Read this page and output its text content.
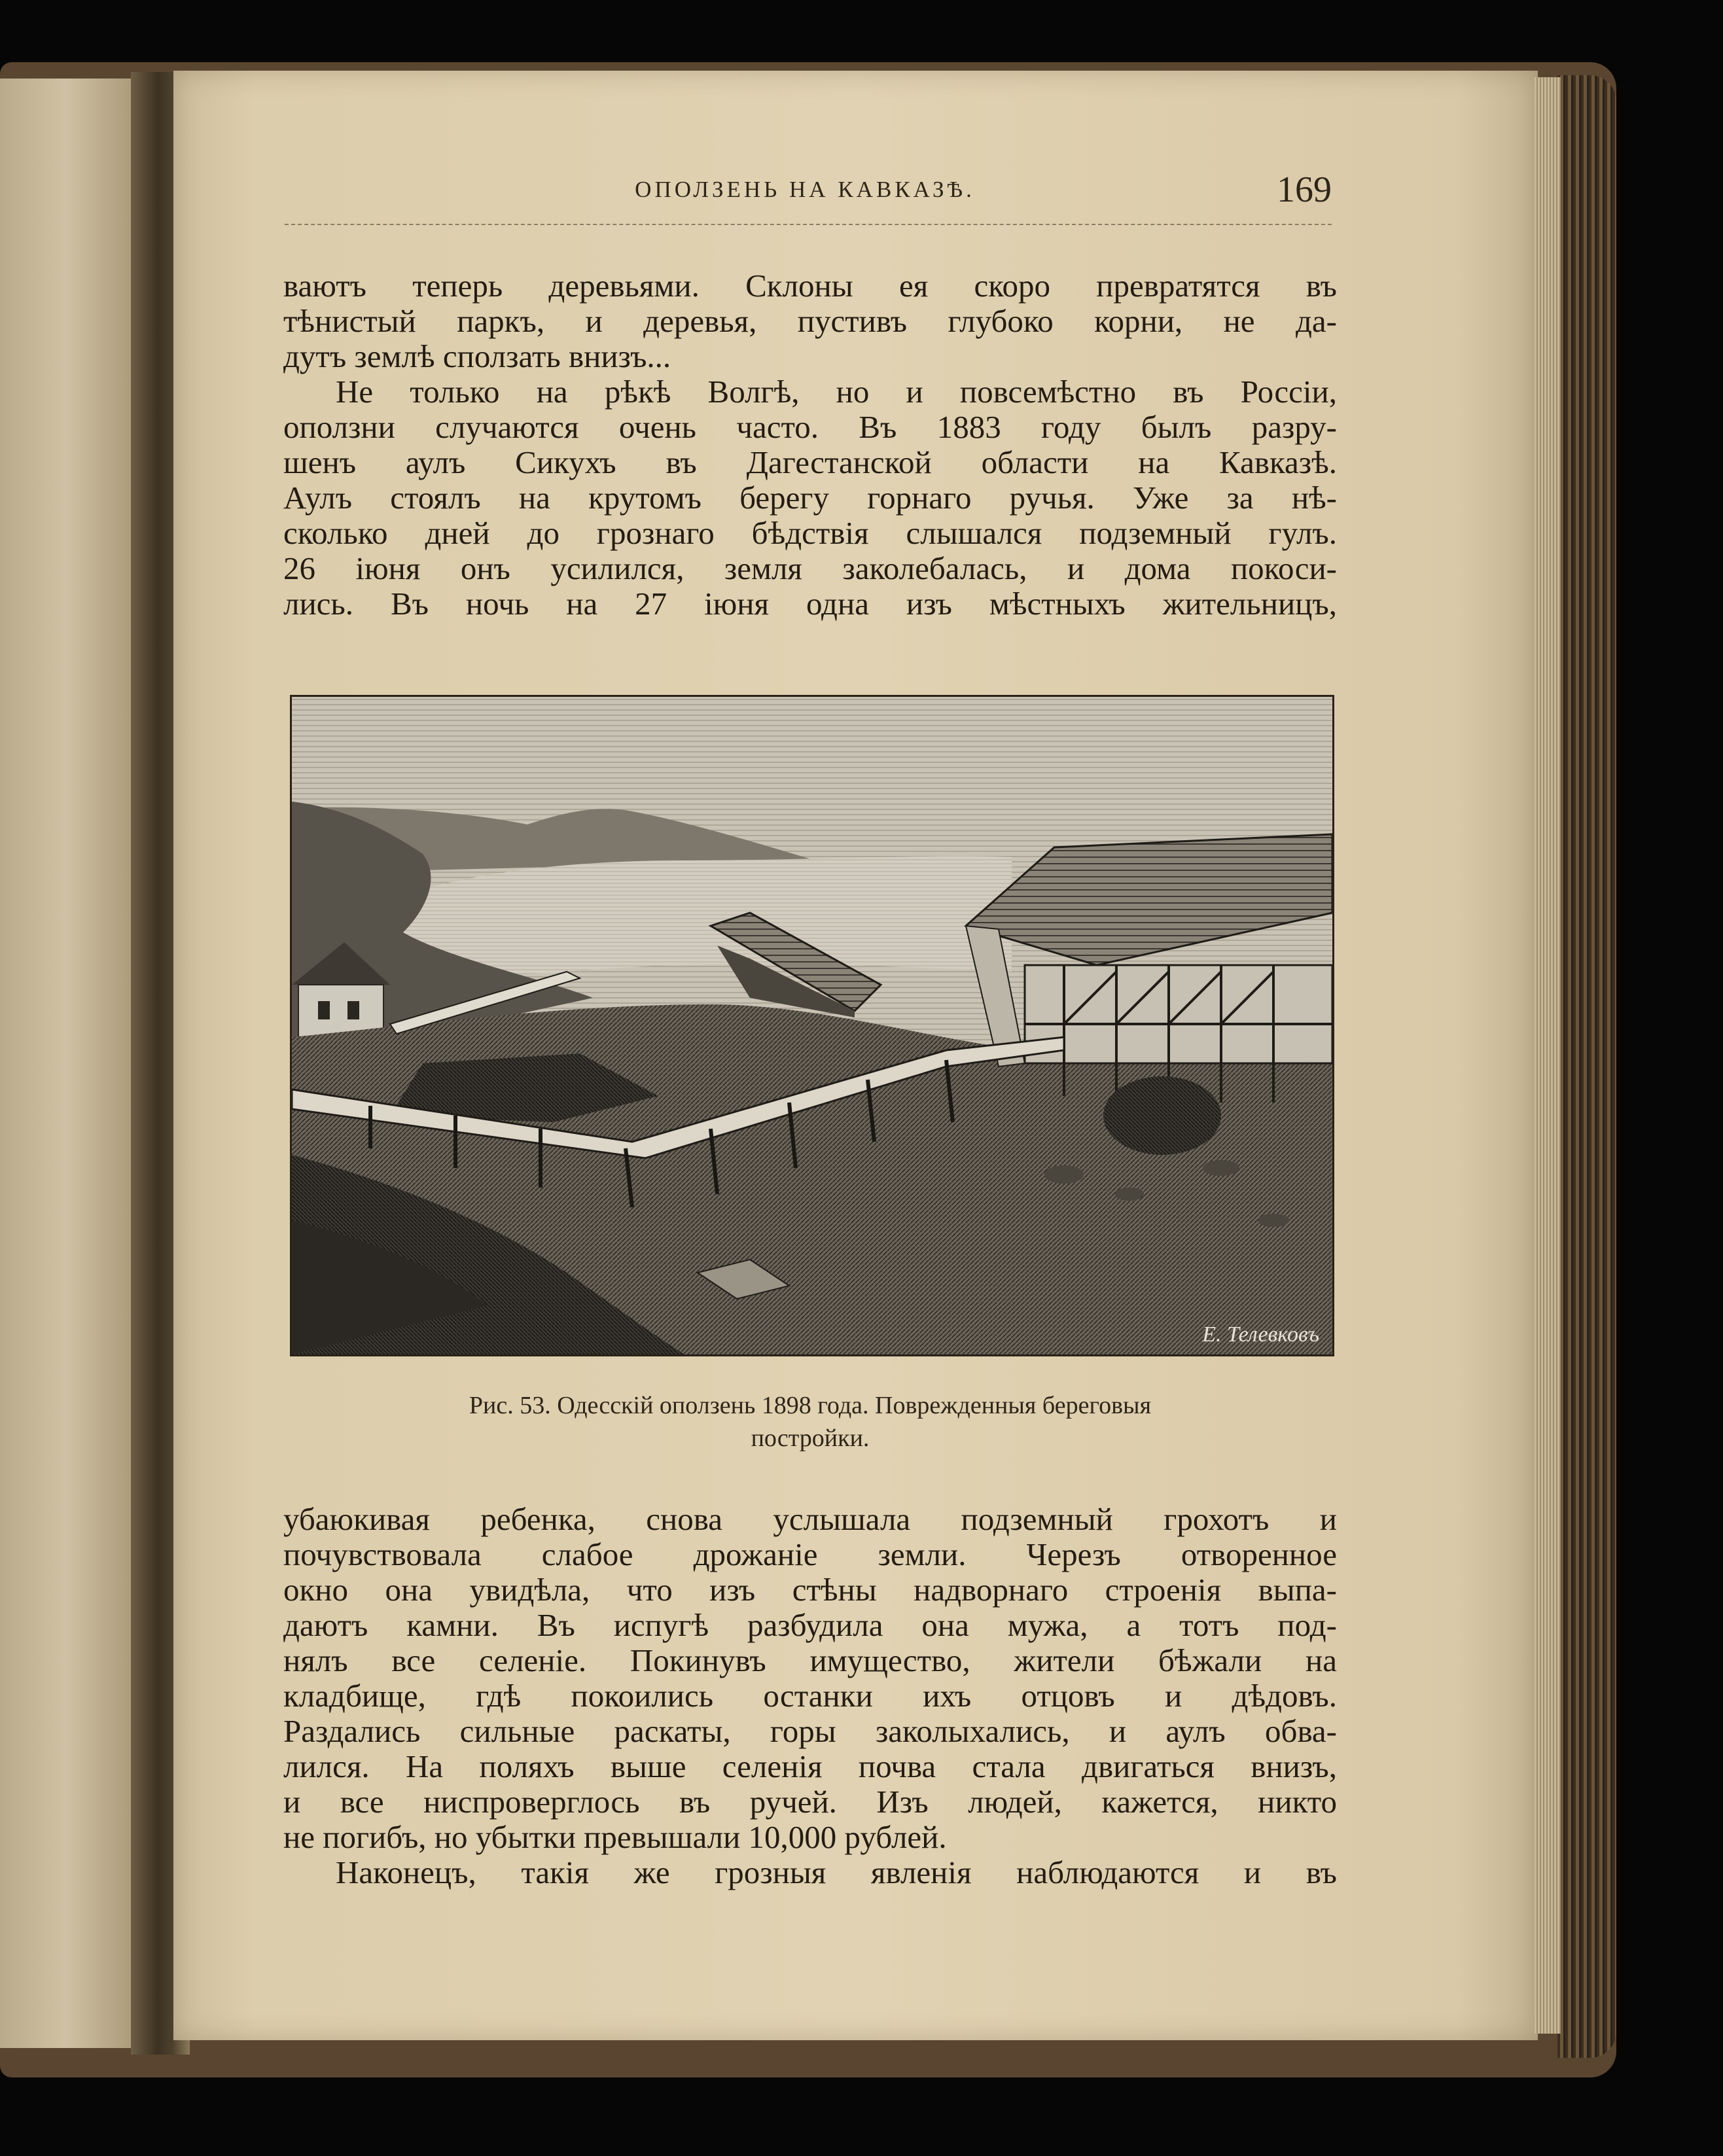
ОПОЛЗЕНЬ НА КАВКАЗѢ.	169
ваютъ теперь деревьями. Склоны ея скоро превратятся въ
тѣнистый паркъ, и деревья, пустивъ глубоко корни, не да-
дутъ землѣ сползать внизъ...
Не только на рѣкѣ Волгѣ, но и повсемѣстно въ Россіи,
оползни случаются очень часто. Въ 1883 году былъ разру-
шенъ аулъ Сикухъ въ Дагестанской области на Кавказѣ.
Аулъ стоялъ на крутомъ берегу горнаго ручья. Уже за нѣ-
сколько дней до грознаго бѣдствія слышался подземный гулъ.
26 іюня онъ усилился, земля заколебалась, и дома покоси-
лись. Въ ночь на 27 іюня одна изъ мѣстныхъ жительницъ,
Е. Телевковъ
Рис. 53. Одесскій оползень 1898 года. Поврежденныя береговыя
постройки.
убаюкивая ребенка, снова услышала подземный грохотъ и
почувствовала слабое дрожаніе земли. Черезъ отворенное
окно она увидѣла, что изъ стѣны надворнаго строенія выпа-
даютъ камни. Въ испугѣ разбудила она мужа, а тотъ под-
нялъ все селеніе. Покинувъ имущество, жители бѣжали на
кладбище, гдѣ покоились останки ихъ отцовъ и дѣдовъ.
Раздались сильные раскаты, горы заколыхались, и аулъ обва-
лился. На поляхъ выше селенія почва стала двигаться внизъ,
и все ниспроверглось въ ручей. Изъ людей, кажется, никто
не погибъ, но убытки превышали 10,000 рублей.
Наконецъ, такія же грозныя явленія наблюдаются и въ
